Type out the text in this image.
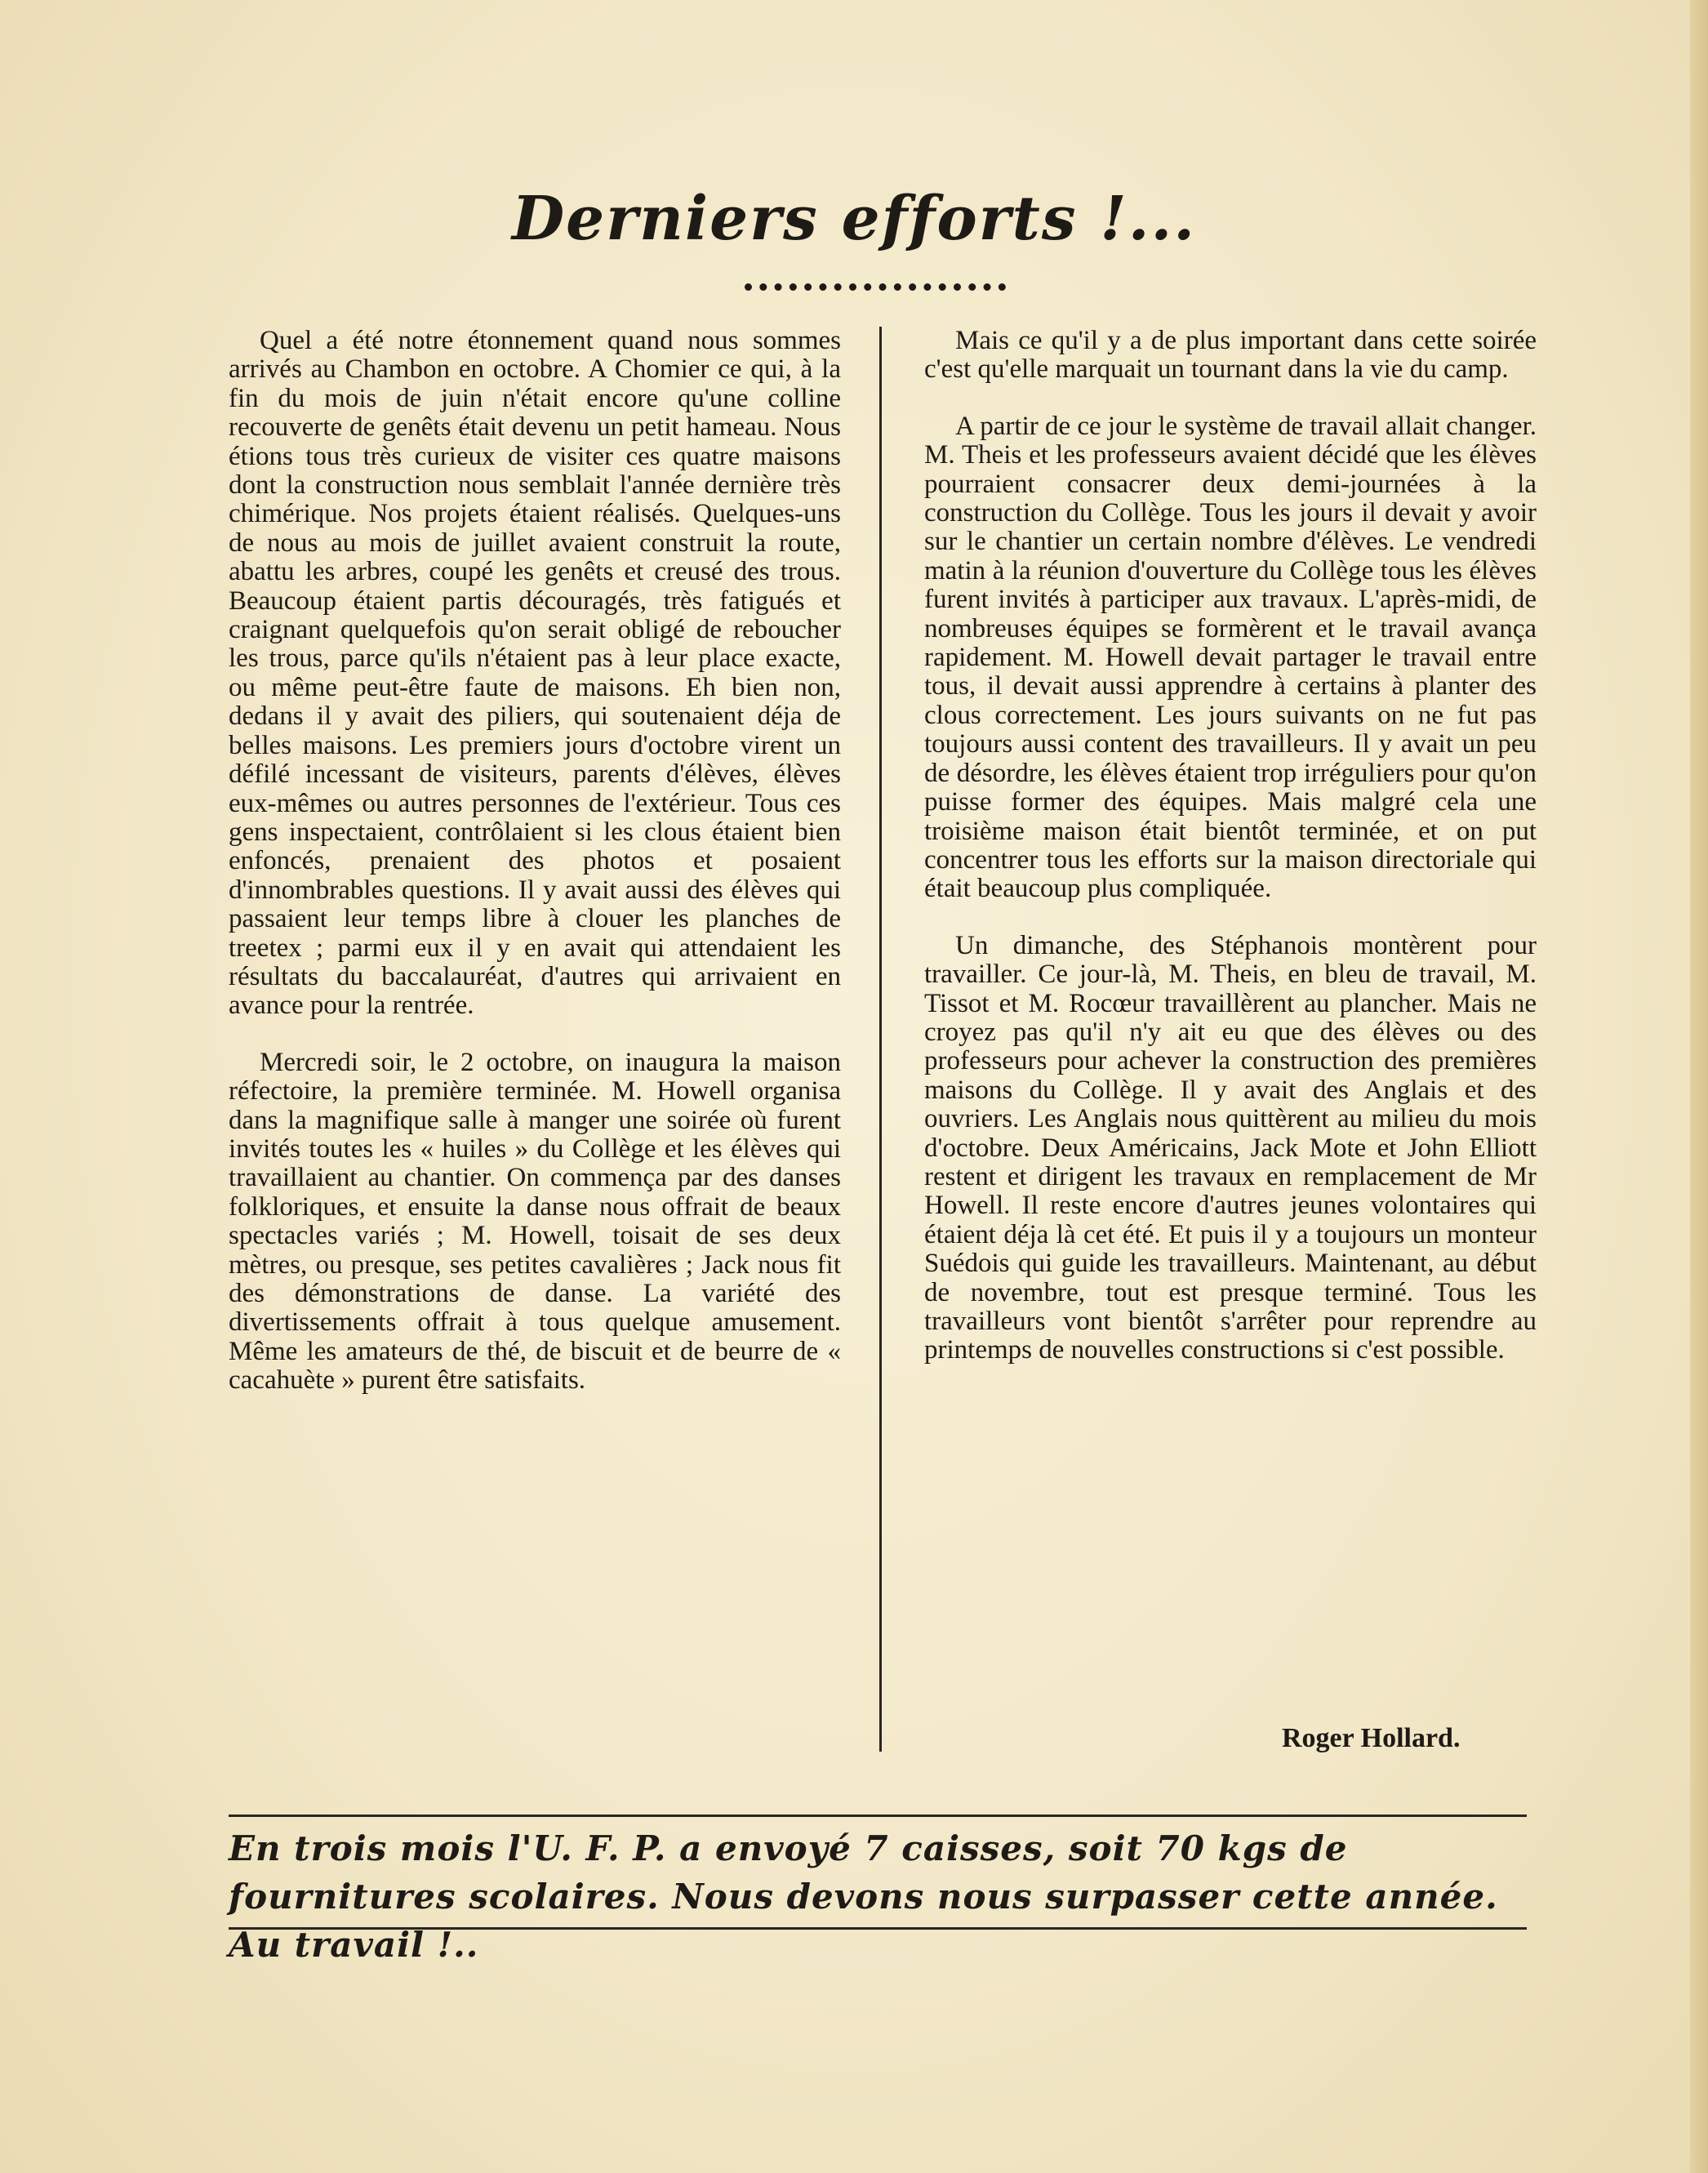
Derniers efforts !...

Quel a été notre étonnement quand nous sommes arrivés au Chambon en octobre. A Chomier ce qui, à la fin du mois de juin n'était encore qu'une colline recouverte de genêts était devenu un petit hameau. Nous étions tous très curieux de visiter ces quatre maisons dont la construction nous semblait l'année dernière très chimérique. Nos projets étaient réalisés. Quelques-uns de nous au mois de juillet avaient construit la route, abattu les arbres, coupé les genêts et creusé des trous. Beaucoup étaient partis découragés, très fatigués et craignant quelquefois qu'on serait obligé de reboucher les trous, parce qu'ils n'étaient pas à leur place exacte, ou même peut-être faute de maisons. Eh bien non, dedans il y avait des piliers, qui soutenaient déja de belles maisons. Les premiers jours d'octobre virent un défilé incessant de visiteurs, parents d'élèves, élèves eux-mêmes ou autres personnes de l'extérieur. Tous ces gens inspectaient, contrôlaient si les clous étaient bien enfoncés, prenaient des photos et posaient d'innombrables questions. Il y avait aussi des élèves qui passaient leur temps libre à clouer les planches de treetex ; parmi eux il y en avait qui attendaient les résultats du baccalauréat, d'autres qui arrivaient en avance pour la rentrée.

Mercredi soir, le 2 octobre, on inaugura la maison réfectoire, la première terminée. M. Howell organisa dans la magnifique salle à manger une soirée où furent invités toutes les « huiles » du Collège et les élèves qui travaillaient au chantier. On commença par des danses folkloriques, et ensuite la danse nous offrait de beaux spectacles variés ; M. Howell, toisait de ses deux mètres, ou presque, ses petites cavalières ; Jack nous fit des démonstrations de danse. La variété des divertissements offrait à tous quelque amusement. Même les amateurs de thé, de biscuit et de beurre de « cacahuète » purent être satisfaits.

Mais ce qu'il y a de plus important dans cette soirée c'est qu'elle marquait un tournant dans la vie du camp.

A partir de ce jour le système de travail allait changer. M. Theis et les professeurs avaient décidé que les élèves pourraient consacrer deux demi-journées à la construction du Collège. Tous les jours il devait y avoir sur le chantier un certain nombre d'élèves. Le vendredi matin à la réunion d'ouverture du Collège tous les élèves furent invités à participer aux travaux. L'après-midi, de nombreuses équipes se formèrent et le travail avança rapidement. M. Howell devait partager le travail entre tous, il devait aussi apprendre à certains à planter des clous correctement. Les jours suivants on ne fut pas toujours aussi content des travailleurs. Il y avait un peu de désordre, les élèves étaient trop irréguliers pour qu'on puisse former des équipes. Mais malgré cela une troisième maison était bientôt terminée, et on put concentrer tous les efforts sur la maison directoriale qui était beaucoup plus compliquée.

Un dimanche, des Stéphanois montèrent pour travailler. Ce jour-là, M. Theis, en bleu de travail, M. Tissot et M. Rocœur travaillèrent au plancher. Mais ne croyez pas qu'il n'y ait eu que des élèves ou des professeurs pour achever la construction des premières maisons du Collège. Il y avait des Anglais et des ouvriers. Les Anglais nous quittèrent au milieu du mois d'octobre. Deux Américains, Jack Mote et John Elliott restent et dirigent les travaux en remplacement de Mr Howell. Il reste encore d'autres jeunes volontaires qui étaient déja là cet été. Et puis il y a toujours un monteur Suédois qui guide les travailleurs. Maintenant, au début de novembre, tout est presque terminé. Tous les travailleurs vont bientôt s'arrêter pour reprendre au printemps de nouvelles constructions si c'est possible.

Roger Hollard.
En trois mois l'U. F. P. a envoyé 7 caisses, soit 70 kgs de fournitures scolaires. Nous devons nous surpasser cette année. Au travail !..
